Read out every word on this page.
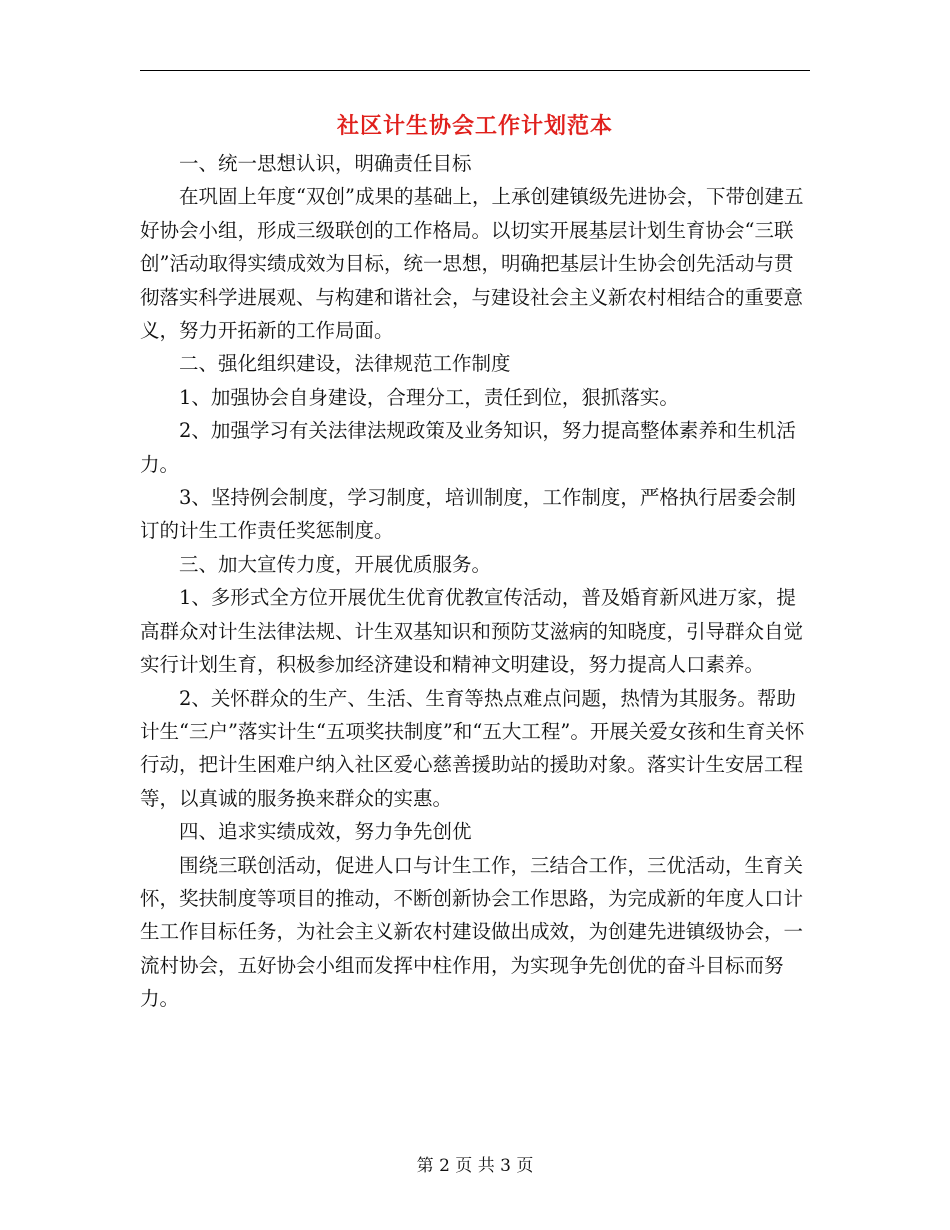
社区计生协会工作计划范本

一、统一思想认识，明确责任目标

在巩固上年度“双创”成果的基础上，上承创建镇级先进协会，下带创建五好协会小组，形成三级联创的工作格局。以切实开展基层计划生育协会“三联创”活动取得实绩成效为目标，统一思想，明确把基层计生协会创先活动与贯彻落实科学进展观、与构建和谐社会，与建设社会主义新农村相结合的重要意义，努力开拓新的工作局面。

二、强化组织建设，法律规范工作制度

1、加强协会自身建设，合理分工，责任到位，狠抓落实。

2、加强学习有关法律法规政策及业务知识，努力提高整体素养和生机活力。

3、坚持例会制度，学习制度，培训制度，工作制度，严格执行居委会制订的计生工作责任奖惩制度。

三、加大宣传力度，开展优质服务。

1、多形式全方位开展优生优育优教宣传活动，普及婚育新风进万家，提高群众对计生法律法规、计生双基知识和预防艾滋病的知晓度，引导群众自觉实行计划生育，积极参加经济建设和精神文明建设，努力提高人口素养。

2、关怀群众的生产、生活、生育等热点难点问题，热情为其服务。帮助计生“三户”落实计生“五项奖扶制度”和“五大工程”。开展关爱女孩和生育关怀行动，把计生困难户纳入社区爱心慈善援助站的援助对象。落实计生安居工程等，以真诚的服务换来群众的实惠。

四、追求实绩成效，努力争先创优

围绕三联创活动，促进人口与计生工作，三结合工作，三优活动，生育关怀，奖扶制度等项目的推动，不断创新协会工作思路，为完成新的年度人口计生工作目标任务，为社会主义新农村建设做出成效，为创建先进镇级协会，一流村协会，五好协会小组而发挥中柱作用，为实现争先创优的奋斗目标而努力。

第 2 页 共 3 页
